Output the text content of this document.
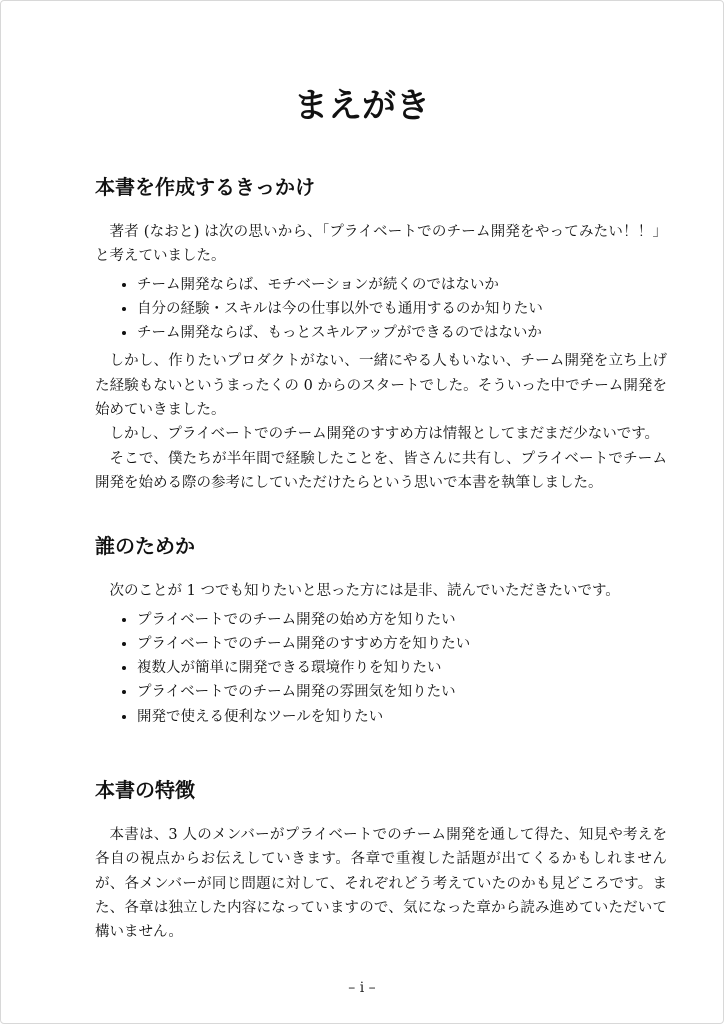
まえがき
本書を作成するきっかけ

著者 (なおと) は次の思いから、「プライベートでのチーム開発をやってみたい！！」と考えていました。

• チーム開発ならば、モチベーションが続くのではないか
• 自分の経験・スキルは今の仕事以外でも通用するのか知りたい
• チーム開発ならば、もっとスキルアップができるのではないか

しかし、作りたいプロダクトがない、一緒にやる人もいない、チーム開発を立ち上げた経験もないというまったくの 0 からのスタートでした。そういった中でチーム開発を始めていきました。

しかし、プライベートでのチーム開発のすすめ方は情報としてまだまだ少ないです。

そこで、僕たちが半年間で経験したことを、皆さんに共有し、プライベートでチーム開発を始める際の参考にしていただけたらという思いで本書を執筆しました。

誰のためか

次のことが 1 つでも知りたいと思った方には是非、読んでいただきたいです。

• プライベートでのチーム開発の始め方を知りたい
• プライベートでのチーム開発のすすめ方を知りたい
• 複数人が簡単に開発できる環境作りを知りたい
• プライベートでのチーム開発の雰囲気を知りたい
• 開発で使える便利なツールを知りたい
本書の特徴

本書は、3 人のメンバーがプライベートでのチーム開発を通して得た、知見や考えを各自の視点からお伝えしていきます。各章で重複した話題が出てくるかもしれませんが、各メンバーが同じ問題に対して、それぞれどう考えていたのかも見どころです。また、各章は独立した内容になっていますので、気になった章から読み進めていただいて構いません。

– i –
